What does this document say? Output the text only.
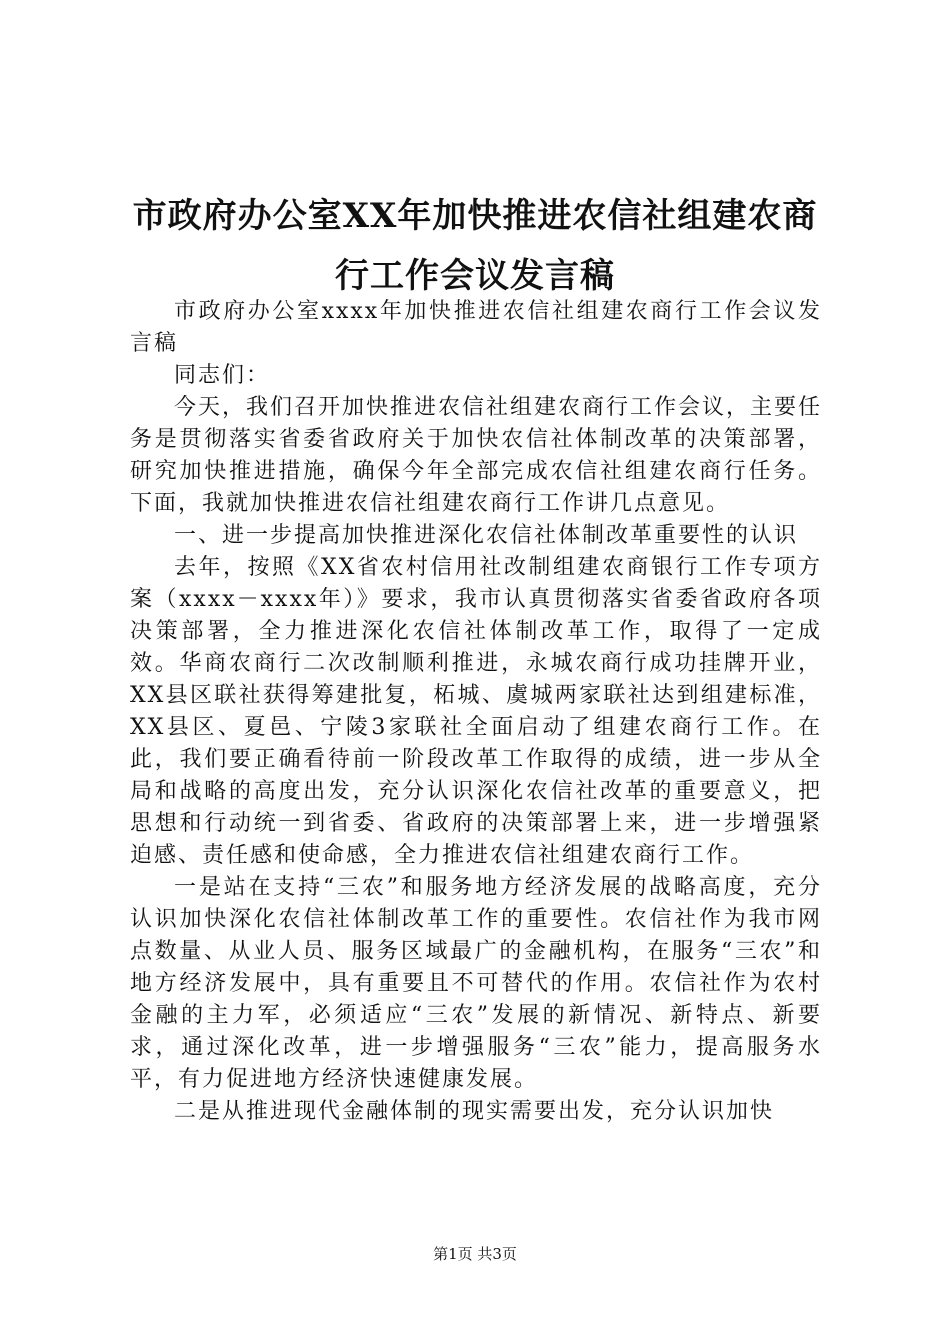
市政府办公室XX年加快推进农信社组建农商行工作会议发言稿

市政府办公室xxxx年加快推进农信社组建农商行工作会议发言稿

同志们：

今天，我们召开加快推进农信社组建农商行工作会议，主要任务是贯彻落实省委省政府关于加快农信社体制改革的决策部署，研究加快推进措施，确保今年全部完成农信社组建农商行任务。下面，我就加快推进农信社组建农商行工作讲几点意见。

一、进一步提高加快推进深化农信社体制改革重要性的认识

去年，按照《XX省农村信用社改制组建农商银行工作专项方案（xxxx－xxxx年）》要求，我市认真贯彻落实省委省政府各项决策部署，全力推进深化农信社体制改革工作，取得了一定成效。华商农商行二次改制顺利推进，永城农商行成功挂牌开业，XX县区联社获得筹建批复，柘城、虞城两家联社达到组建标准，XX县区、夏邑、宁陵3家联社全面启动了组建农商行工作。在此，我们要正确看待前一阶段改革工作取得的成绩，进一步从全局和战略的高度出发，充分认识深化农信社改革的重要意义，把思想和行动统一到省委、省政府的决策部署上来，进一步增强紧迫感、责任感和使命感，全力推进农信社组建农商行工作。

一是站在支持“三农”和服务地方经济发展的战略高度，充分认识加快深化农信社体制改革工作的重要性。农信社作为我市网点数量、从业人员、服务区域最广的金融机构，在服务“三农”和地方经济发展中，具有重要且不可替代的作用。农信社作为农村金融的主力军，必须适应“三农”发展的新情况、新特点、新要求，通过深化改革，进一步增强服务“三农”能力，提高服务水平，有力促进地方经济快速健康发展。

二是从推进现代金融体制的现实需要出发，充分认识加快

第1页 共3页
